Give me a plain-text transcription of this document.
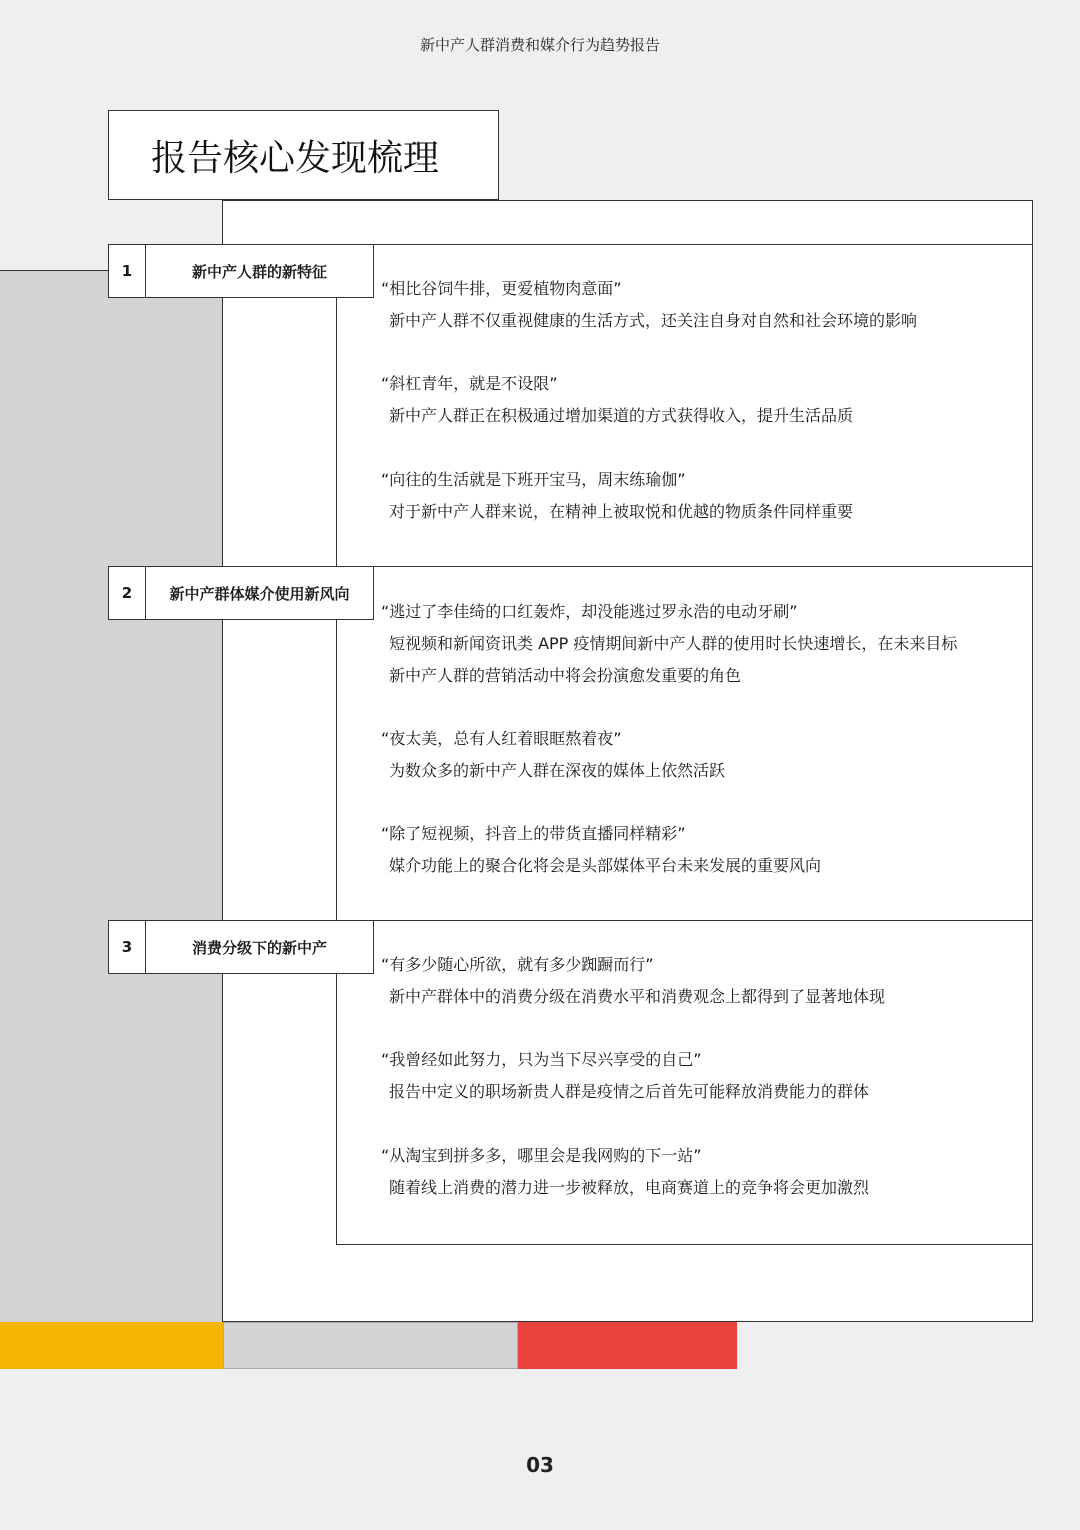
新中产人群消费和媒介行为趋势报告
报告核心发现梳理
1	新中产人群的新特征
“相比谷饲牛排，更爱植物肉意面”
新中产人群不仅重视健康的生活方式，还关注自身对自然和社会环境的影响
“斜杠青年，就是不设限”
新中产人群正在积极通过增加渠道的方式获得收入，提升生活品质
“向往的生活就是下班开宝马，周末练瑜伽”
对于新中产人群来说，在精神上被取悦和优越的物质条件同样重要
2	新中产群体媒介使用新风向
“逃过了李佳绮的口红轰炸，却没能逃过罗永浩的电动牙刷”
短视频和新闻资讯类 APP 疫情期间新中产人群的使用时长快速增长，在未来目标
新中产人群的营销活动中将会扮演愈发重要的角色
“夜太美，总有人红着眼眶熬着夜”
为数众多的新中产人群在深夜的媒体上依然活跃
“除了短视频，抖音上的带货直播同样精彩”
媒介功能上的聚合化将会是头部媒体平台未来发展的重要风向
3	消费分级下的新中产
“有多少随心所欲，就有多少踟蹰而行”
新中产群体中的消费分级在消费水平和消费观念上都得到了显著地体现
“我曾经如此努力，只为当下尽兴享受的自己”
报告中定义的职场新贵人群是疫情之后首先可能释放消费能力的群体
“从淘宝到拼多多，哪里会是我网购的下一站”
随着线上消费的潜力进一步被释放，电商赛道上的竞争将会更加激烈
03
